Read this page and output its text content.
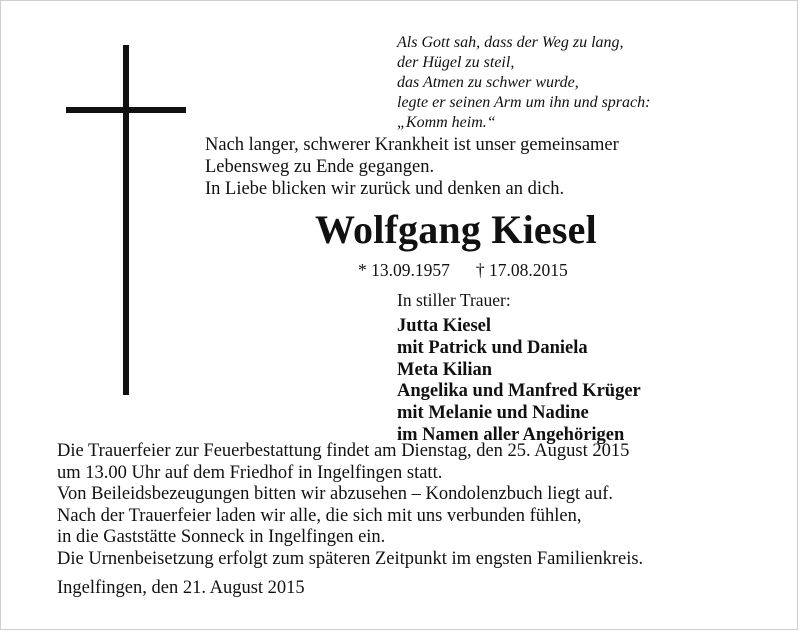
Als Gott sah, dass der Weg zu lang,
der Hügel zu steil,
das Atmen zu schwer wurde,
legte er seinen Arm um ihn und sprach:
„Komm heim.“
Nach langer, schwerer Krankheit ist unser gemeinsamer
Lebensweg zu Ende gegangen.
In Liebe blicken wir zurück und denken an dich.
Wolfgang Kiesel
* 13.09.1957 † 17.08.2015
In stiller Trauer:
Jutta Kiesel
mit Patrick und Daniela
Meta Kilian
Angelika und Manfred Krüger
mit Melanie und Nadine
im Namen aller Angehörigen
Die Trauerfeier zur Feuerbestattung findet am Dienstag, den 25. August 2015
um 13.00 Uhr auf dem Friedhof in Ingelfingen statt.
Von Beileidsbezeugungen bitten wir abzusehen – Kondolenzbuch liegt auf.
Nach der Trauerfeier laden wir alle, die sich mit uns verbunden fühlen,
in die Gaststätte Sonneck in Ingelfingen ein.
Die Urnenbeisetzung erfolgt zum späteren Zeitpunkt im engsten Familienkreis.
Ingelfingen, den 21. August 2015
